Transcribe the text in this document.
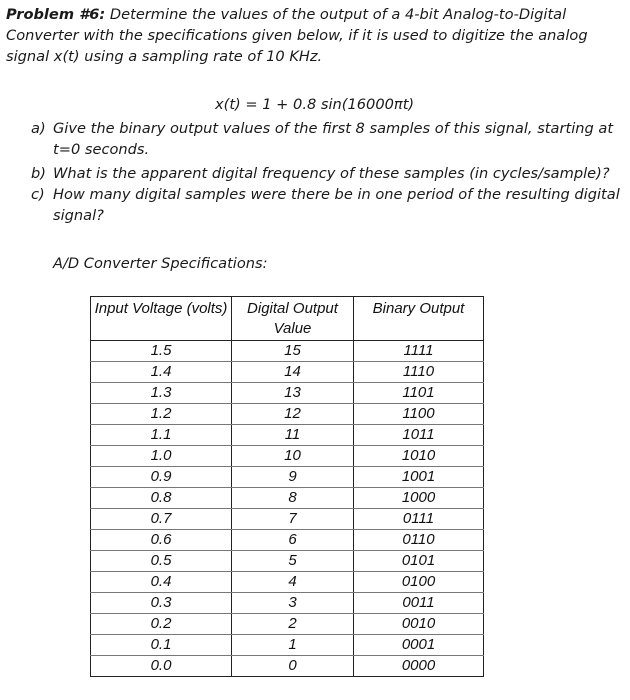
Problem #6: Determine the values of the output of a 4-bit Analog-to-Digital Converter with the specifications given below, if it is used to digitize the analog signal x(t) using a sampling rate of 10 KHz.
x(t) = 1 + 0.8 sin(16000πt)
a) Give the binary output values of the first 8 samples of this signal, starting at t=0 seconds.
b) What is the apparent digital frequency of these samples (in cycles/sample)?
c) How many digital samples were there be in one period of the resulting digital signal?
A/D Converter Specifications:
Input Voltage (volts)	Digital Output Value	Binary Output
1.5	15	1111
1.4	14	1110
1.3	13	1101
1.2	12	1100
1.1	11	1011
1.0	10	1010
0.9	9	1001
0.8	8	1000
0.7	7	0111
0.6	6	0110
0.5	5	0101
0.4	4	0100
0.3	3	0011
0.2	2	0010
0.1	1	0001
0.0	0	0000
